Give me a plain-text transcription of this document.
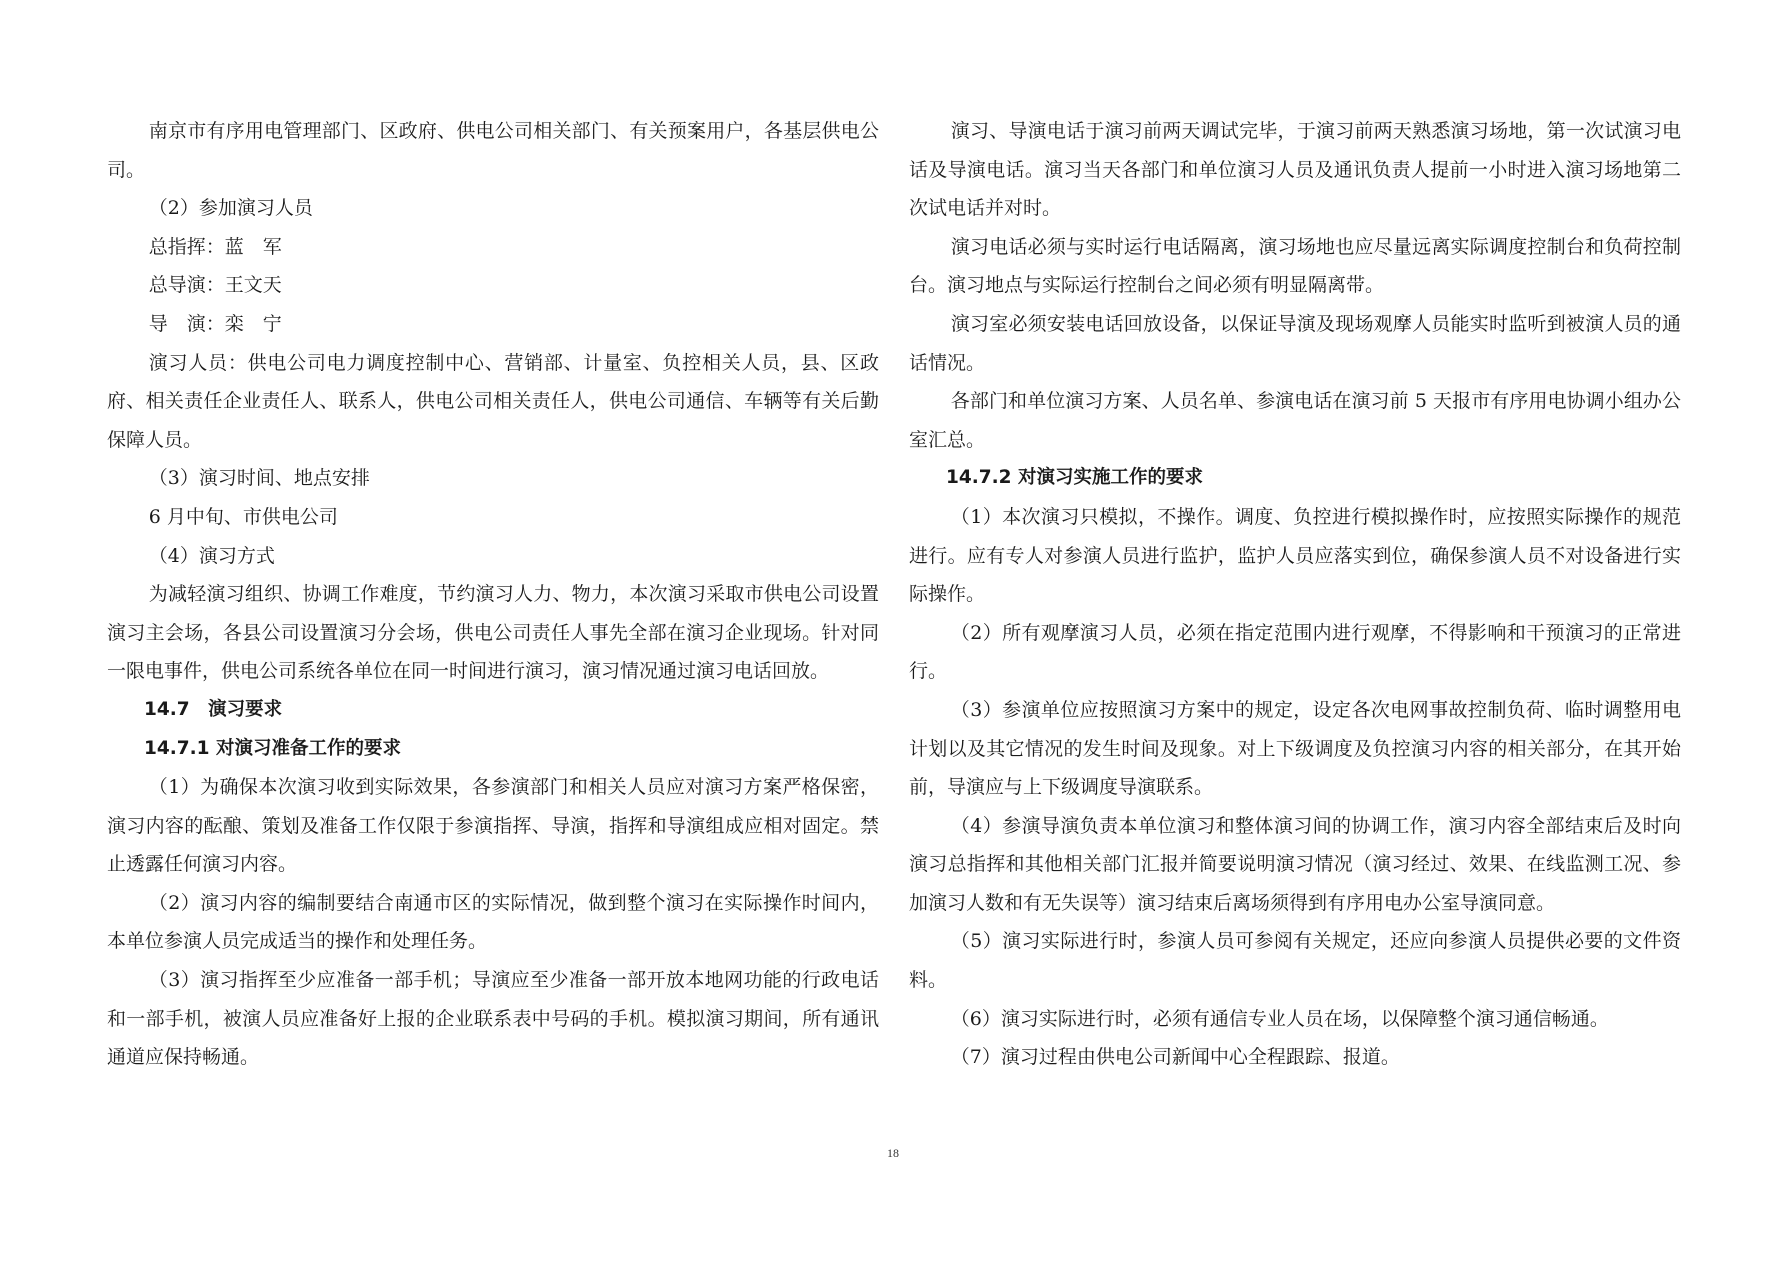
南京市有序用电管理部门、区政府、供电公司相关部门、有关预案用户，各基层供电公司。

（2）参加演习人员

总指挥：蓝　军

总导演：王文天

导　演：栾　宁

演习人员：供电公司电力调度控制中心、营销部、计量室、负控相关人员，县、区政府、相关责任企业责任人、联系人，供电公司相关责任人，供电公司通信、车辆等有关后勤保障人员。

（3）演习时间、地点安排

6 月中旬、市供电公司

（4）演习方式

为减轻演习组织、协调工作难度，节约演习人力、物力，本次演习采取市供电公司设置演习主会场，各县公司设置演习分会场，供电公司责任人事先全部在演习企业现场。针对同一限电事件，供电公司系统各单位在同一时间进行演习，演习情况通过演习电话回放。

14.7　演习要求

14.7.1 对演习准备工作的要求

（1）为确保本次演习收到实际效果，各参演部门和相关人员应对演习方案严格保密，演习内容的酝酿、策划及准备工作仅限于参演指挥、导演，指挥和导演组成应相对固定。禁止透露任何演习内容。

（2）演习内容的编制要结合南通市区的实际情况，做到整个演习在实际操作时间内，本单位参演人员完成适当的操作和处理任务。

（3）演习指挥至少应准备一部手机；导演应至少准备一部开放本地网功能的行政电话和一部手机，被演人员应准备好上报的企业联系表中号码的手机。模拟演习期间，所有通讯通道应保持畅通。

演习、导演电话于演习前两天调试完毕，于演习前两天熟悉演习场地，第一次试演习电话及导演电话。演习当天各部门和单位演习人员及通讯负责人提前一小时进入演习场地第二次试电话并对时。

演习电话必须与实时运行电话隔离，演习场地也应尽量远离实际调度控制台和负荷控制台。演习地点与实际运行控制台之间必须有明显隔离带。

演习室必须安装电话回放设备，以保证导演及现场观摩人员能实时监听到被演人员的通话情况。

各部门和单位演习方案、人员名单、参演电话在演习前 5 天报市有序用电协调小组办公室汇总。

14.7.2 对演习实施工作的要求

（1）本次演习只模拟，不操作。调度、负控进行模拟操作时，应按照实际操作的规范进行。应有专人对参演人员进行监护，监护人员应落实到位，确保参演人员不对设备进行实际操作。

（2）所有观摩演习人员，必须在指定范围内进行观摩，不得影响和干预演习的正常进行。

（3）参演单位应按照演习方案中的规定，设定各次电网事故控制负荷、临时调整用电计划以及其它情况的发生时间及现象。对上下级调度及负控演习内容的相关部分，在其开始前，导演应与上下级调度导演联系。

（4）参演导演负责本单位演习和整体演习间的协调工作，演习内容全部结束后及时向演习总指挥和其他相关部门汇报并简要说明演习情况（演习经过、效果、在线监测工况、参加演习人数和有无失误等）演习结束后离场须得到有序用电办公室导演同意。

（5）演习实际进行时，参演人员可参阅有关规定，还应向参演人员提供必要的文件资料。

（6）演习实际进行时，必须有通信专业人员在场，以保障整个演习通信畅通。

（7）演习过程由供电公司新闻中心全程跟踪、报道。

18
